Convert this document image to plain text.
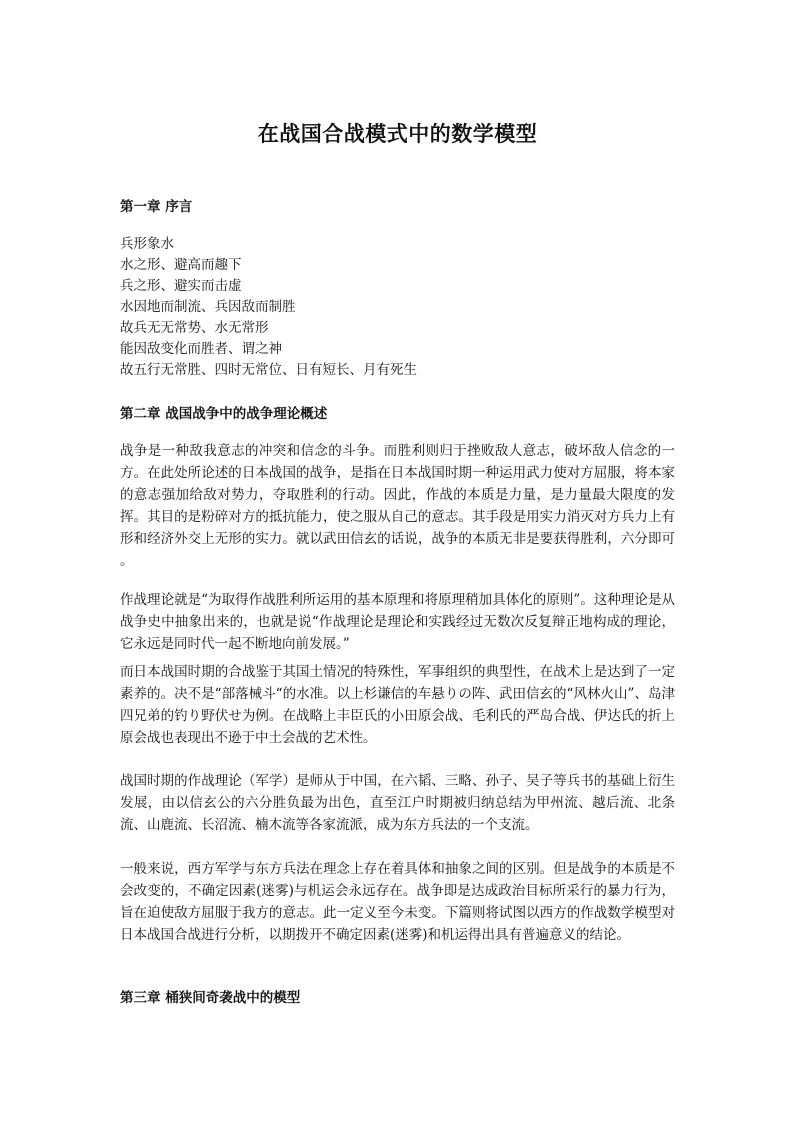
在战国合战模式中的数学模型
第一章 序言
兵形象水
水之形、避高而趣下
兵之形、避实而击虚
水因地而制流、兵因敌而制胜
故兵无无常势、水无常形
能因敌变化而胜者、谓之神
故五行无常胜、四时无常位、日有短长、月有死生
第二章 战国战争中的战争理论概述

战争是一种敌我意志的冲突和信念的斗争。而胜利则归于挫败敌人意志，破坏敌人信念的一方。在此处所论述的日本战国的战争，是指在日本战国时期一种运用武力使对方屈服，将本家的意志强加给敌对势力，夺取胜利的行动。因此，作战的本质是力量，是力量最大限度的发挥。其目的是粉碎对方的抵抗能力，使之服从自己的意志。其手段是用实力消灭对方兵力上有形和经济外交上无形的实力。就以武田信玄的话说，战争的本质无非是要获得胜利，六分即可 。

作战理论就是“为取得作战胜利所运用的基本原理和将原理稍加具体化的原则”。这种理论是从战争史中抽象出来的，也就是说“作战理论是理论和实践经过无数次反复辩正地构成的理论，它永远是同时代一起不断地向前发展。”

而日本战国时期的合战鉴于其国土情况的特殊性，军事组织的典型性，在战术上是达到了一定素养的。决不是“部落械斗“的水准。以上杉谦信的车悬りの阵、武田信玄的“风林火山”、岛津四兄弟的钓り野伏せ为例。在战略上丰臣氏的小田原会战、毛利氏的严岛合战、伊达氏的折上原会战也表现出不逊于中土会战的艺术性。

战国时期的作战理论（军学）是师从于中国，在六韬、三略、孙子、吴子等兵书的基础上衍生发展，由以信玄公的六分胜负最为出色，直至江户时期被归纳总结为甲州流、越后流、北条流、山鹿流、长沼流、楠木流等各家流派，成为东方兵法的一个支流。

一般来说，西方军学与东方兵法在理念上存在着具体和抽象之间的区别。但是战争的本质是不会改变的，不确定因素(迷雾)与机运会永远存在。战争即是达成政治目标所采行的暴力行为，旨在迫使敌方屈服于我方的意志。此一定义至今未变。下篇则将试图以西方的作战数学模型对日本战国合战进行分析，以期拨开不确定因素(迷雾)和机运得出具有普遍意义的结论。

第三章 桶狭间奇袭战中的模型
